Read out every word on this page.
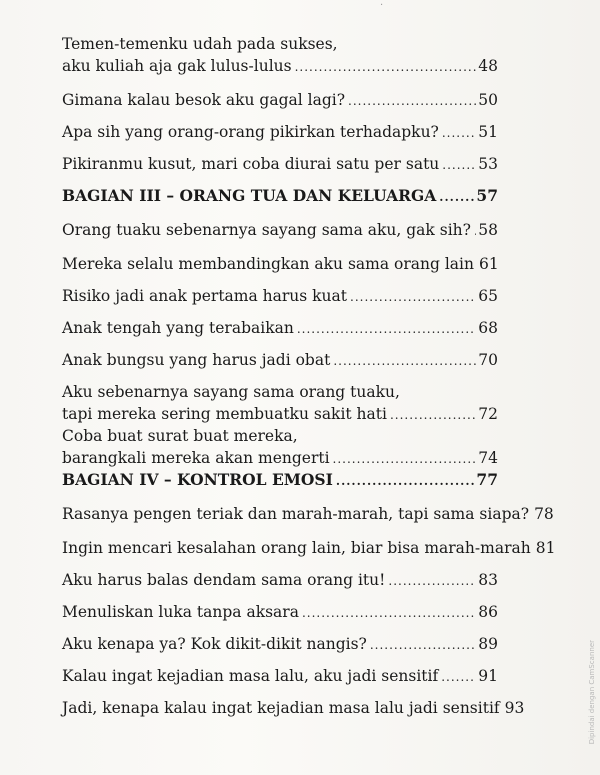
·
Temen-temenku udah pada sukses,
aku kuliah aja gak lulus-lulus .....	48
Gimana kalau besok aku gagal lagi? .....	50
Apa sih yang orang-orang pikirkan terhadapku? .....	51
Pikiranmu kusut, mari coba diurai satu per satu .....	53
BAGIAN III – ORANG TUA DAN KELUARGA .....	57
Orang tuaku sebenarnya sayang sama aku, gak sih? ..... 58
Mereka selalu membandingkan aku sama orang lain 61
Risiko jadi anak pertama harus kuat .....	65
Anak tengah yang terabaikan .....	68
Anak bungsu yang harus jadi obat .....	70
Aku sebenarnya sayang sama orang tuaku,
tapi mereka sering membuatku sakit hati .....	72
Coba buat surat buat mereka,
barangkali mereka akan mengerti .....	74
BAGIAN IV – KONTROL EMOSI .....	77
Rasanya pengen teriak dan marah-marah, tapi sama siapa? 78
Ingin mencari kesalahan orang lain, biar bisa marah-marah 81
Aku harus balas dendam sama orang itu! .....	83
Menuliskan luka tanpa aksara .....	86
Aku kenapa ya? Kok dikit-dikit nangis? .....	89
Kalau ingat kejadian masa lalu, aku jadi sensitif .....	91
Jadi, kenapa kalau ingat kejadian masa lalu jadi sensitif 93	Dipindai dengan CamScanner
